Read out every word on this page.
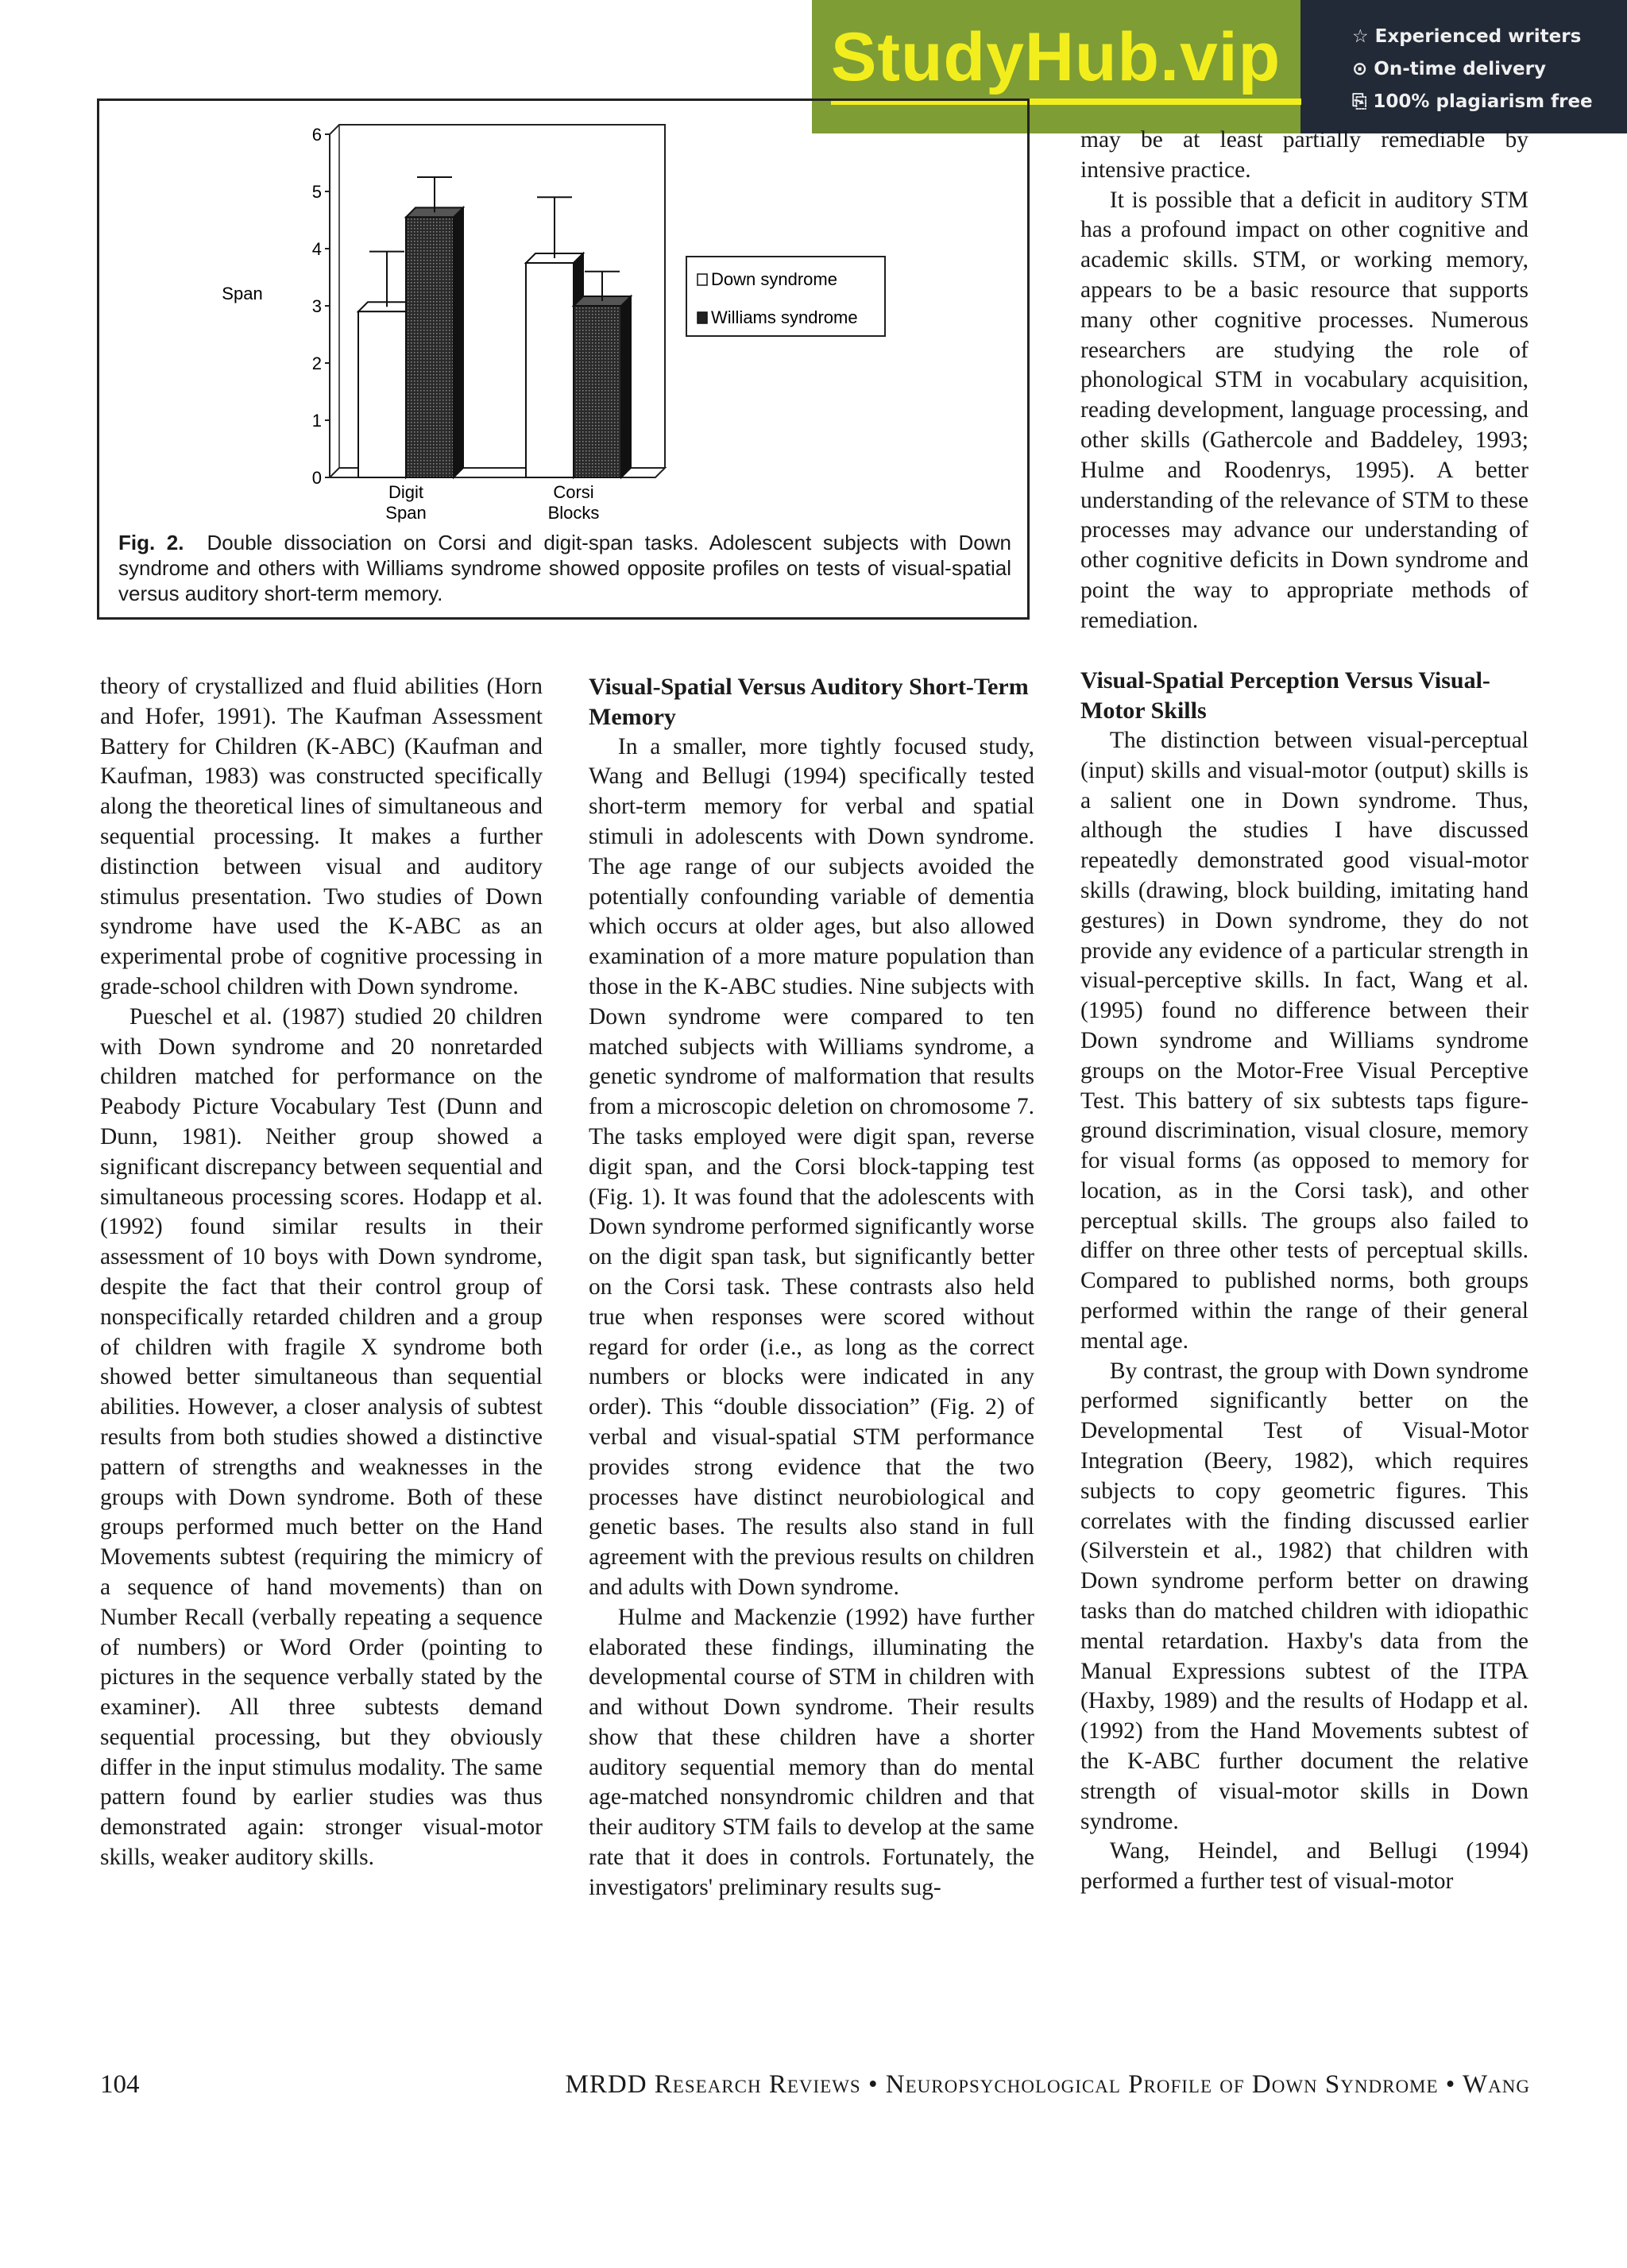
StudyHub.vip	☆ Experienced writers
⊙ On-time delivery
⎘ 100% plagiarism free
0
1
2
3
4
5
6
Span
Digit
Span
Corsi
Blocks
Down syndrome
Williams syndrome
Fig. 2. Double dissociation on Corsi and digit-span tasks. Adolescent subjects with Down syndrome and others with Williams syndrome showed opposite profiles on tests of visual-spatial versus auditory short-term memory.

theory of crystallized and fluid abilities (Horn and Hofer, 1991). The Kaufman Assessment Battery for Children (K-ABC) (Kaufman and Kaufman, 1983) was constructed specifically along the theoretical lines of simultaneous and sequential processing. It makes a further distinction between visual and auditory stimulus presentation. Two studies of Down syndrome have used the K-ABC as an experimental probe of cognitive processing in grade-school children with Down syndrome.

Pueschel et al. (1987) studied 20 children with Down syndrome and 20 nonretarded children matched for performance on the Peabody Picture Vocabulary Test (Dunn and Dunn, 1981). Neither group showed a significant discrepancy between sequential and simultaneous processing scores. Hodapp et al. (1992) found similar results in their assessment of 10 boys with Down syndrome, despite the fact that their control group of nonspecifically retarded children and a group of children with fragile X syndrome both showed better simultaneous than sequential abilities. However, a closer analysis of subtest results from both studies showed a distinctive pattern of strengths and weaknesses in the groups with Down syndrome. Both of these groups performed much better on the Hand Movements subtest (requiring the mimicry of a sequence of hand movements) than on Number Recall (verbally repeating a sequence of numbers) or Word Order (pointing to pictures in the sequence verbally stated by the examiner). All three subtests demand sequential processing, but they obviously differ in the input stimulus modality. The same pattern found by earlier studies was thus demonstrated again: stronger visual-motor skills, weaker auditory skills.

Visual-Spatial Versus Auditory Short-Term Memory

In a smaller, more tightly focused study, Wang and Bellugi (1994) specifically tested short-term memory for verbal and spatial stimuli in adolescents with Down syndrome. The age range of our subjects avoided the potentially confounding variable of dementia which occurs at older ages, but also allowed examination of a more mature population than those in the K-ABC studies. Nine subjects with Down syndrome were compared to ten matched subjects with Williams syndrome, a genetic syndrome of malformation that results from a microscopic deletion on chromosome 7. The tasks employed were digit span, reverse digit span, and the Corsi block-tapping test (Fig. 1). It was found that the adolescents with Down syndrome performed significantly worse on the digit span task, but significantly better on the Corsi task. These contrasts also held true when responses were scored without regard for order (i.e., as long as the correct numbers or blocks were indicated in any order). This “double dissociation” (Fig. 2) of verbal and visual-spatial STM performance provides strong evidence that the two processes have distinct neurobiological and genetic bases. The results also stand in full agreement with the previous results on children and adults with Down syndrome.

Hulme and Mackenzie (1992) have further elaborated these findings, illuminating the developmental course of STM in children with and without Down syndrome. Their results show that these children have a shorter auditory sequential memory than do mental age-matched nonsyndromic children and that their auditory STM fails to develop at the same rate that it does in controls. Fortunately, the investigators' preliminary results sug-

may be at least partially remediable by intensive practice.

It is possible that a deficit in auditory STM has a profound impact on other cognitive and academic skills. STM, or working memory, appears to be a basic resource that supports many other cognitive processes. Numerous researchers are studying the role of phonological STM in vocabulary acquisition, reading development, language processing, and other skills (Gathercole and Baddeley, 1993; Hulme and Roodenrys, 1995). A better understanding of the relevance of STM to these processes may advance our understanding of other cognitive deficits in Down syndrome and point the way to appropriate methods of remediation.

Visual-Spatial Perception Versus Visual-Motor Skills

The distinction between visual-perceptual (input) skills and visual-motor (output) skills is a salient one in Down syndrome. Thus, although the studies I have discussed repeatedly demonstrated good visual-motor skills (drawing, block building, imitating hand gestures) in Down syndrome, they do not provide any evidence of a particular strength in visual-perceptive skills. In fact, Wang et al. (1995) found no difference between their Down syndrome and Williams syndrome groups on the Motor-Free Visual Perceptive Test. This battery of six subtests taps figure-ground discrimination, visual closure, memory for visual forms (as opposed to memory for location, as in the Corsi task), and other perceptual skills. The groups also failed to differ on three other tests of perceptual skills. Compared to published norms, both groups performed within the range of their general mental age.

By contrast, the group with Down syndrome performed significantly better on the Developmental Test of Visual-Motor Integration (Beery, 1982), which requires subjects to copy geometric figures. This correlates with the finding discussed earlier (Silverstein et al., 1982) that children with Down syndrome perform better on drawing tasks than do matched children with idiopathic mental retardation. Haxby's data from the Manual Expressions subtest of the ITPA (Haxby, 1989) and the results of Hodapp et al. (1992) from the Hand Movements subtest of the K-ABC further document the relative strength of visual-motor skills in Down syndrome.

Wang, Heindel, and Bellugi (1994) performed a further test of visual-motor

104	MRDD Research Reviews • Neuropsychological Profile of Down Syndrome • Wang
